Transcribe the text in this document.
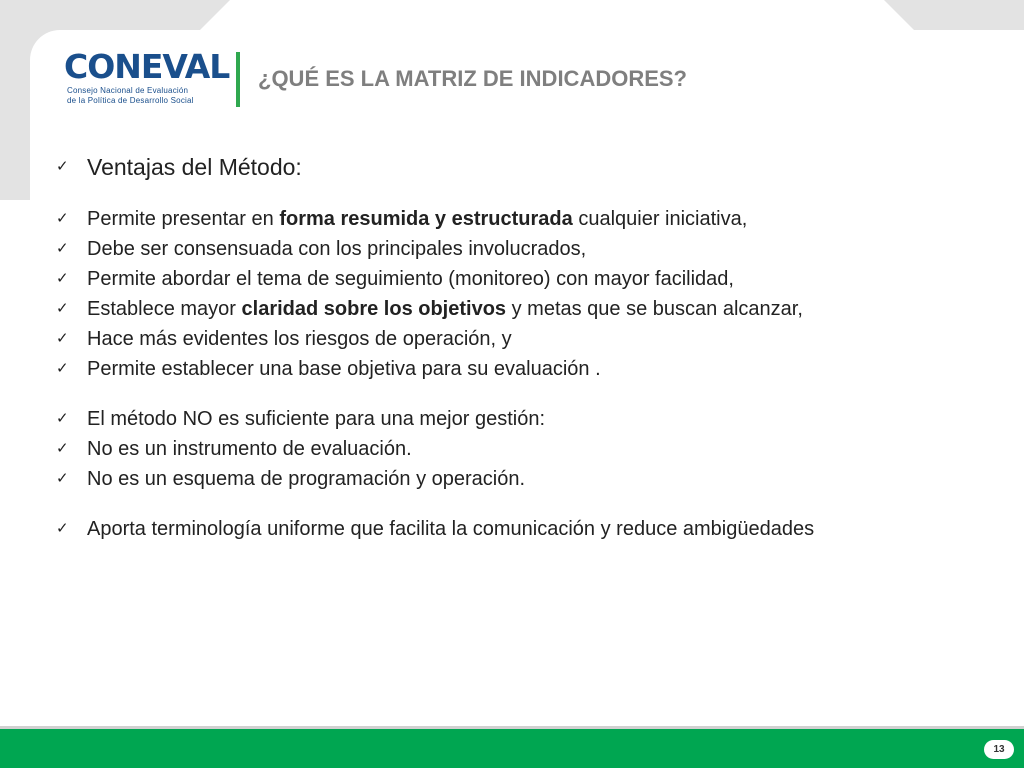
CONEVAL
Consejo Nacional de Evaluación
de la Política de Desarrollo Social
¿QUÉ ES LA MATRIZ DE INDICADORES?
✓ Ventajas del Método:
✓ Permite presentar en forma resumida y estructurada cualquier iniciativa,
✓ Debe ser consensuada con los principales involucrados,
✓ Permite abordar el tema de seguimiento (monitoreo) con mayor facilidad,
✓ Establece mayor claridad sobre los objetivos y metas que se buscan alcanzar,
✓ Hace más evidentes los riesgos de operación, y
✓ Permite establecer una base objetiva para su evaluación .
✓ El método NO es suficiente para una mejor gestión:
✓ No es un instrumento de evaluación.
✓ No es un esquema de programación y operación.
✓ Aporta terminología uniforme que facilita la comunicación y reduce ambigüedades
13
